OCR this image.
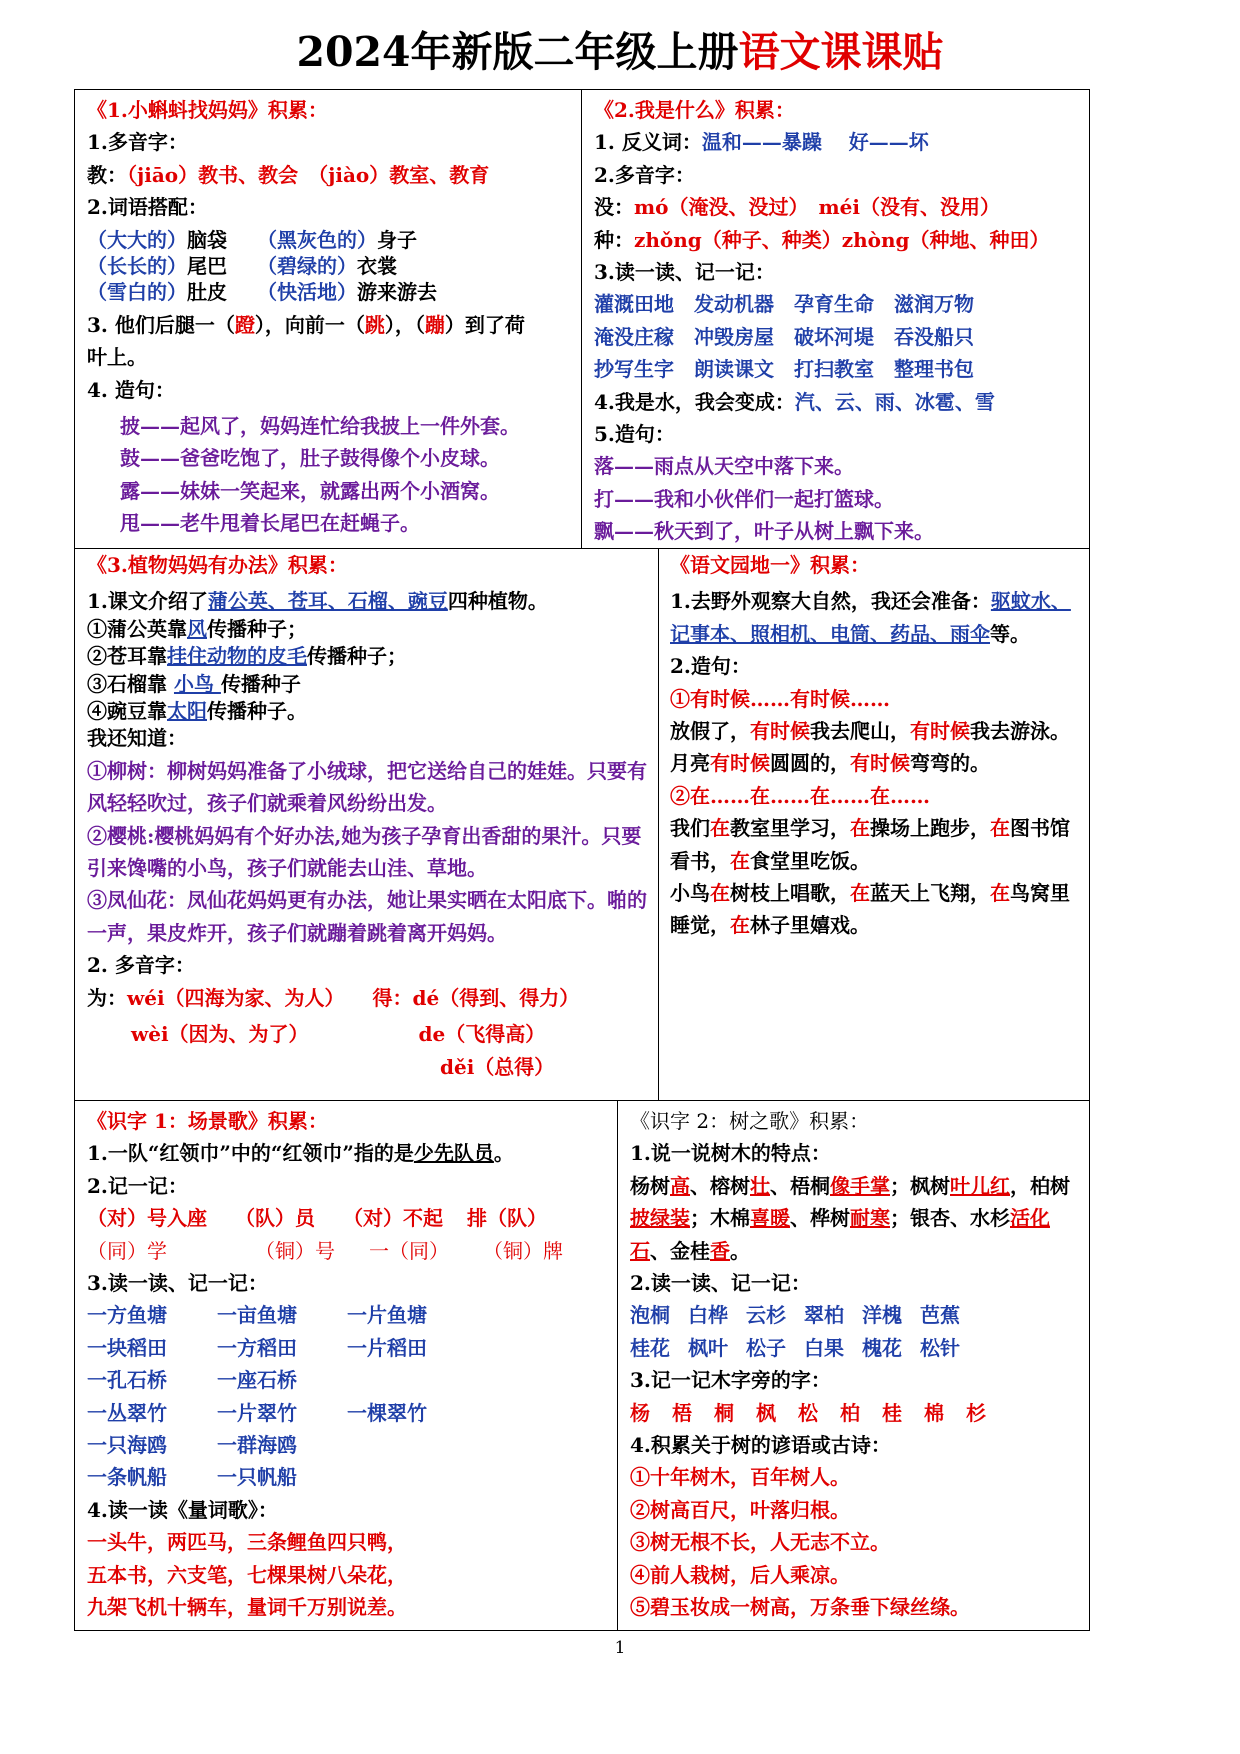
2024年新版二年级上册语文课课贴

《1.小蝌蚪找妈妈》积累：

1.多音字：

教：（jiāo）教书、教会　（jiào）教室、教育

2.词语搭配：

（大大的）脑袋 （黑灰色的）身子

（长长的）尾巴 （碧绿的）衣裳

（雪白的）肚皮 （快活地）游来游去

3. 他们后腿一（蹬），向前一（跳），（蹦）到了荷

叶上。

4. 造句：

披——起风了，妈妈连忙给我披上一件外套。

鼓——爸爸吃饱了，肚子鼓得像个小皮球。

露——妹妹一笑起来，就露出两个小酒窝。

甩——老牛甩着长尾巴在赶蝇子。

《2.我是什么》积累：

1. 反义词：温和——暴躁　 好——坏

2.多音字：

没：mó（淹没、没过）　méi（没有、没用）

种：zhǒng（种子、种类）zhòng（种地、种田）

3.读一读、记一记：

灌溉田地 发动机器 孕育生命 滋润万物

淹没庄稼 冲毁房屋 破坏河堤 吞没船只

抄写生字 朗读课文 打扫教室 整理书包

4.我是水，我会变成：汽、云、雨、冰雹、雪

5.造句：

落——雨点从天空中落下来。

打——我和小伙伴们一起打篮球。

飘——秋天到了，叶子从树上飘下来。

《3.植物妈妈有办法》积累：

1.课文介绍了蒲公英、苍耳、石榴、豌豆四种植物。

①蒲公英靠风传播种子；

②苍耳靠挂住动物的皮毛传播种子；

③石榴靠 小鸟 传播种子

④豌豆靠太阳传播种子。

我还知道：

①柳树：柳树妈妈准备了小绒球，把它送给自己的娃娃。只要有风轻轻吹过，孩子们就乘着风纷纷出发。

②樱桃:樱桃妈妈有个好办法,她为孩子孕育出香甜的果汁。只要引来馋嘴的小鸟，孩子们就能去山洼、草地。

③凤仙花：凤仙花妈妈更有办法，她让果实晒在太阳底下。啪的一声，果皮炸开，孩子们就蹦着跳着离开妈妈。

2. 多音字：

为：wéi（四海为家、为人） 得：dé（得到、得力）

wèi（因为、为了）	de（飞得高）

děi（总得）

《语文园地一》积累：

1.去野外观察大自然，我还会准备：驱蚊水、记事本、照相机、电筒、药品、雨伞等。

2.造句：

①有时候……有时候……

放假了，有时候我去爬山，有时候我去游泳。

月亮有时候圆圆的，有时候弯弯的。

②在……在……在……在……

我们在教室里学习，在操场上跑步，在图书馆看书，在食堂里吃饭。

小鸟在树枝上唱歌，在蓝天上飞翔，在鸟窝里睡觉，在林子里嬉戏。

《识字 1：场景歌》积累：

1.一队“红领巾”中的“红领巾”指的是少先队员。

2.记一记：

（对）号入座 （队）员 （对）不起 排（队）

（同）学	（铜）号 一（同） （铜）牌

3.读一读、记一记：

一方鱼塘	一亩鱼塘	一片鱼塘

一块稻田	一方稻田	一片稻田

一孔石桥	一座石桥

一丛翠竹	一片翠竹	一棵翠竹

一只海鸥	一群海鸥

一条帆船	一只帆船

4.读一读《量词歌》：

一头牛，两匹马，三条鲤鱼四只鸭，

五本书，六支笔，七棵果树八朵花，

九架飞机十辆车，量词千万别说差。

《识字 2：树之歌》积累：

1.说一说树木的特点：

杨树高、榕树壮、梧桐像手掌；枫树叶儿红，柏树披绿装；木棉喜暖、桦树耐寒；银杏、水杉活化石、金桂香。

2.读一读、记一记：

泡桐 白桦 云杉 翠柏 洋槐 芭蕉

桂花 枫叶 松子 白果 槐花 松针

3.记一记木字旁的字：

杨 梧 桐 枫 松 柏 桂 棉 杉

4.积累关于树的谚语或古诗：

①十年树木，百年树人。

②树高百尺，叶落归根。

③树无根不长，人无志不立。

④前人栽树，后人乘凉。

⑤碧玉妆成一树高，万条垂下绿丝绦。

1
